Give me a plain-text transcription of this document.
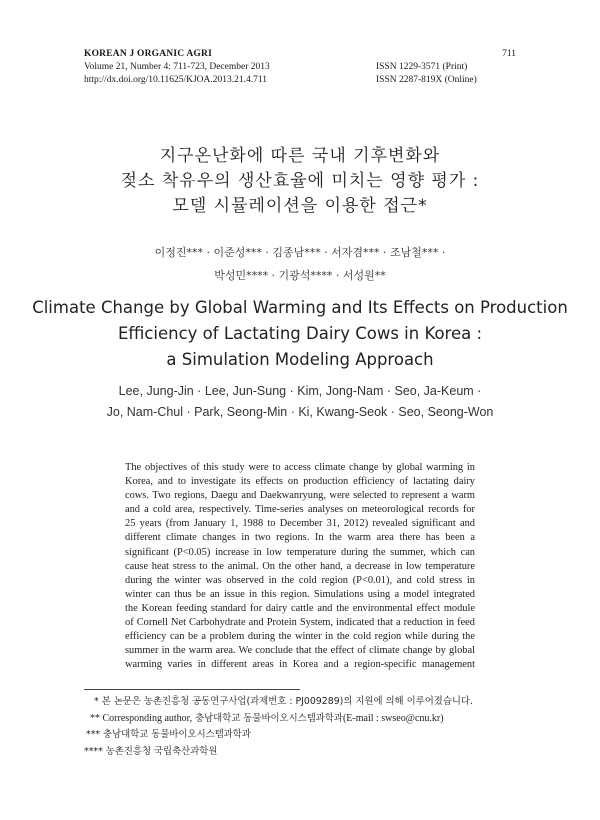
KOREAN J ORGANIC AGRI
Volume 21, Number 4: 711-723, December 2013
http://dx.doi.org/10.11625/KJOA.2013.21.4.711
711
ISSN 1229-3571 (Print)
ISSN 2287-819X (Online)
지구온난화에 따른 국내 기후변화와
젖소 착유우의 생산효율에 미치는 영향 평가 :
모델 시뮬레이션을 이용한 접근*
이정진*** · 이준성*** · 김종남*** · 서자겸*** · 조남철*** ·
박성민**** · 기광석**** · 서성원**
Climate Change by Global Warming and Its Effects on Production
Efficiency of Lactating Dairy Cows in Korea :
a Simulation Modeling Approach
Lee, Jung-Jin · Lee, Jun-Sung · Kim, Jong-Nam · Seo, Ja-Keum ·
Jo, Nam-Chul · Park, Seong-Min · Ki, Kwang-Seok · Seo, Seong-Won
The objectives of this study were to access climate change by global warming in
Korea, and to investigate its effects on production efficiency of lactating dairy
cows. Two regions, Daegu and Daekwanryung, were selected to represent a warm
and a cold area, respectively. Time-series analyses on meteorological records for
25 years (from January 1, 1988 to December 31, 2012) revealed significant and
different climate changes in two regions. In the warm area there has been a
significant (P<0.05) increase in low temperature during the summer, which can
cause heat stress to the animal. On the other hand, a decrease in low temperature
during the winter was observed in the cold region (P<0.01), and cold stress in
winter can thus be an issue in this region. Simulations using a model integrated
the Korean feeding standard for dairy cattle and the environmental effect module
of Cornell Net Carbohydrate and Protein System, indicated that a reduction in feed
efficiency can be a problem during the winter in the cold region while during the
summer in the warm area. We conclude that the effect of climate change by global
warming varies in different areas in Korea and a region-specific management
* 본 논문은 농촌진흥청 공동연구사업(과제번호 : PJ009289)의 지원에 의해 이루어졌습니다.
** Corresponding author, 충남대학교 동물바이오시스템과학과(E-mail : swseo@cnu.kr)
*** 충남대학교 동물바이오시스템과학과
**** 농촌진흥청 국립축산과학원
